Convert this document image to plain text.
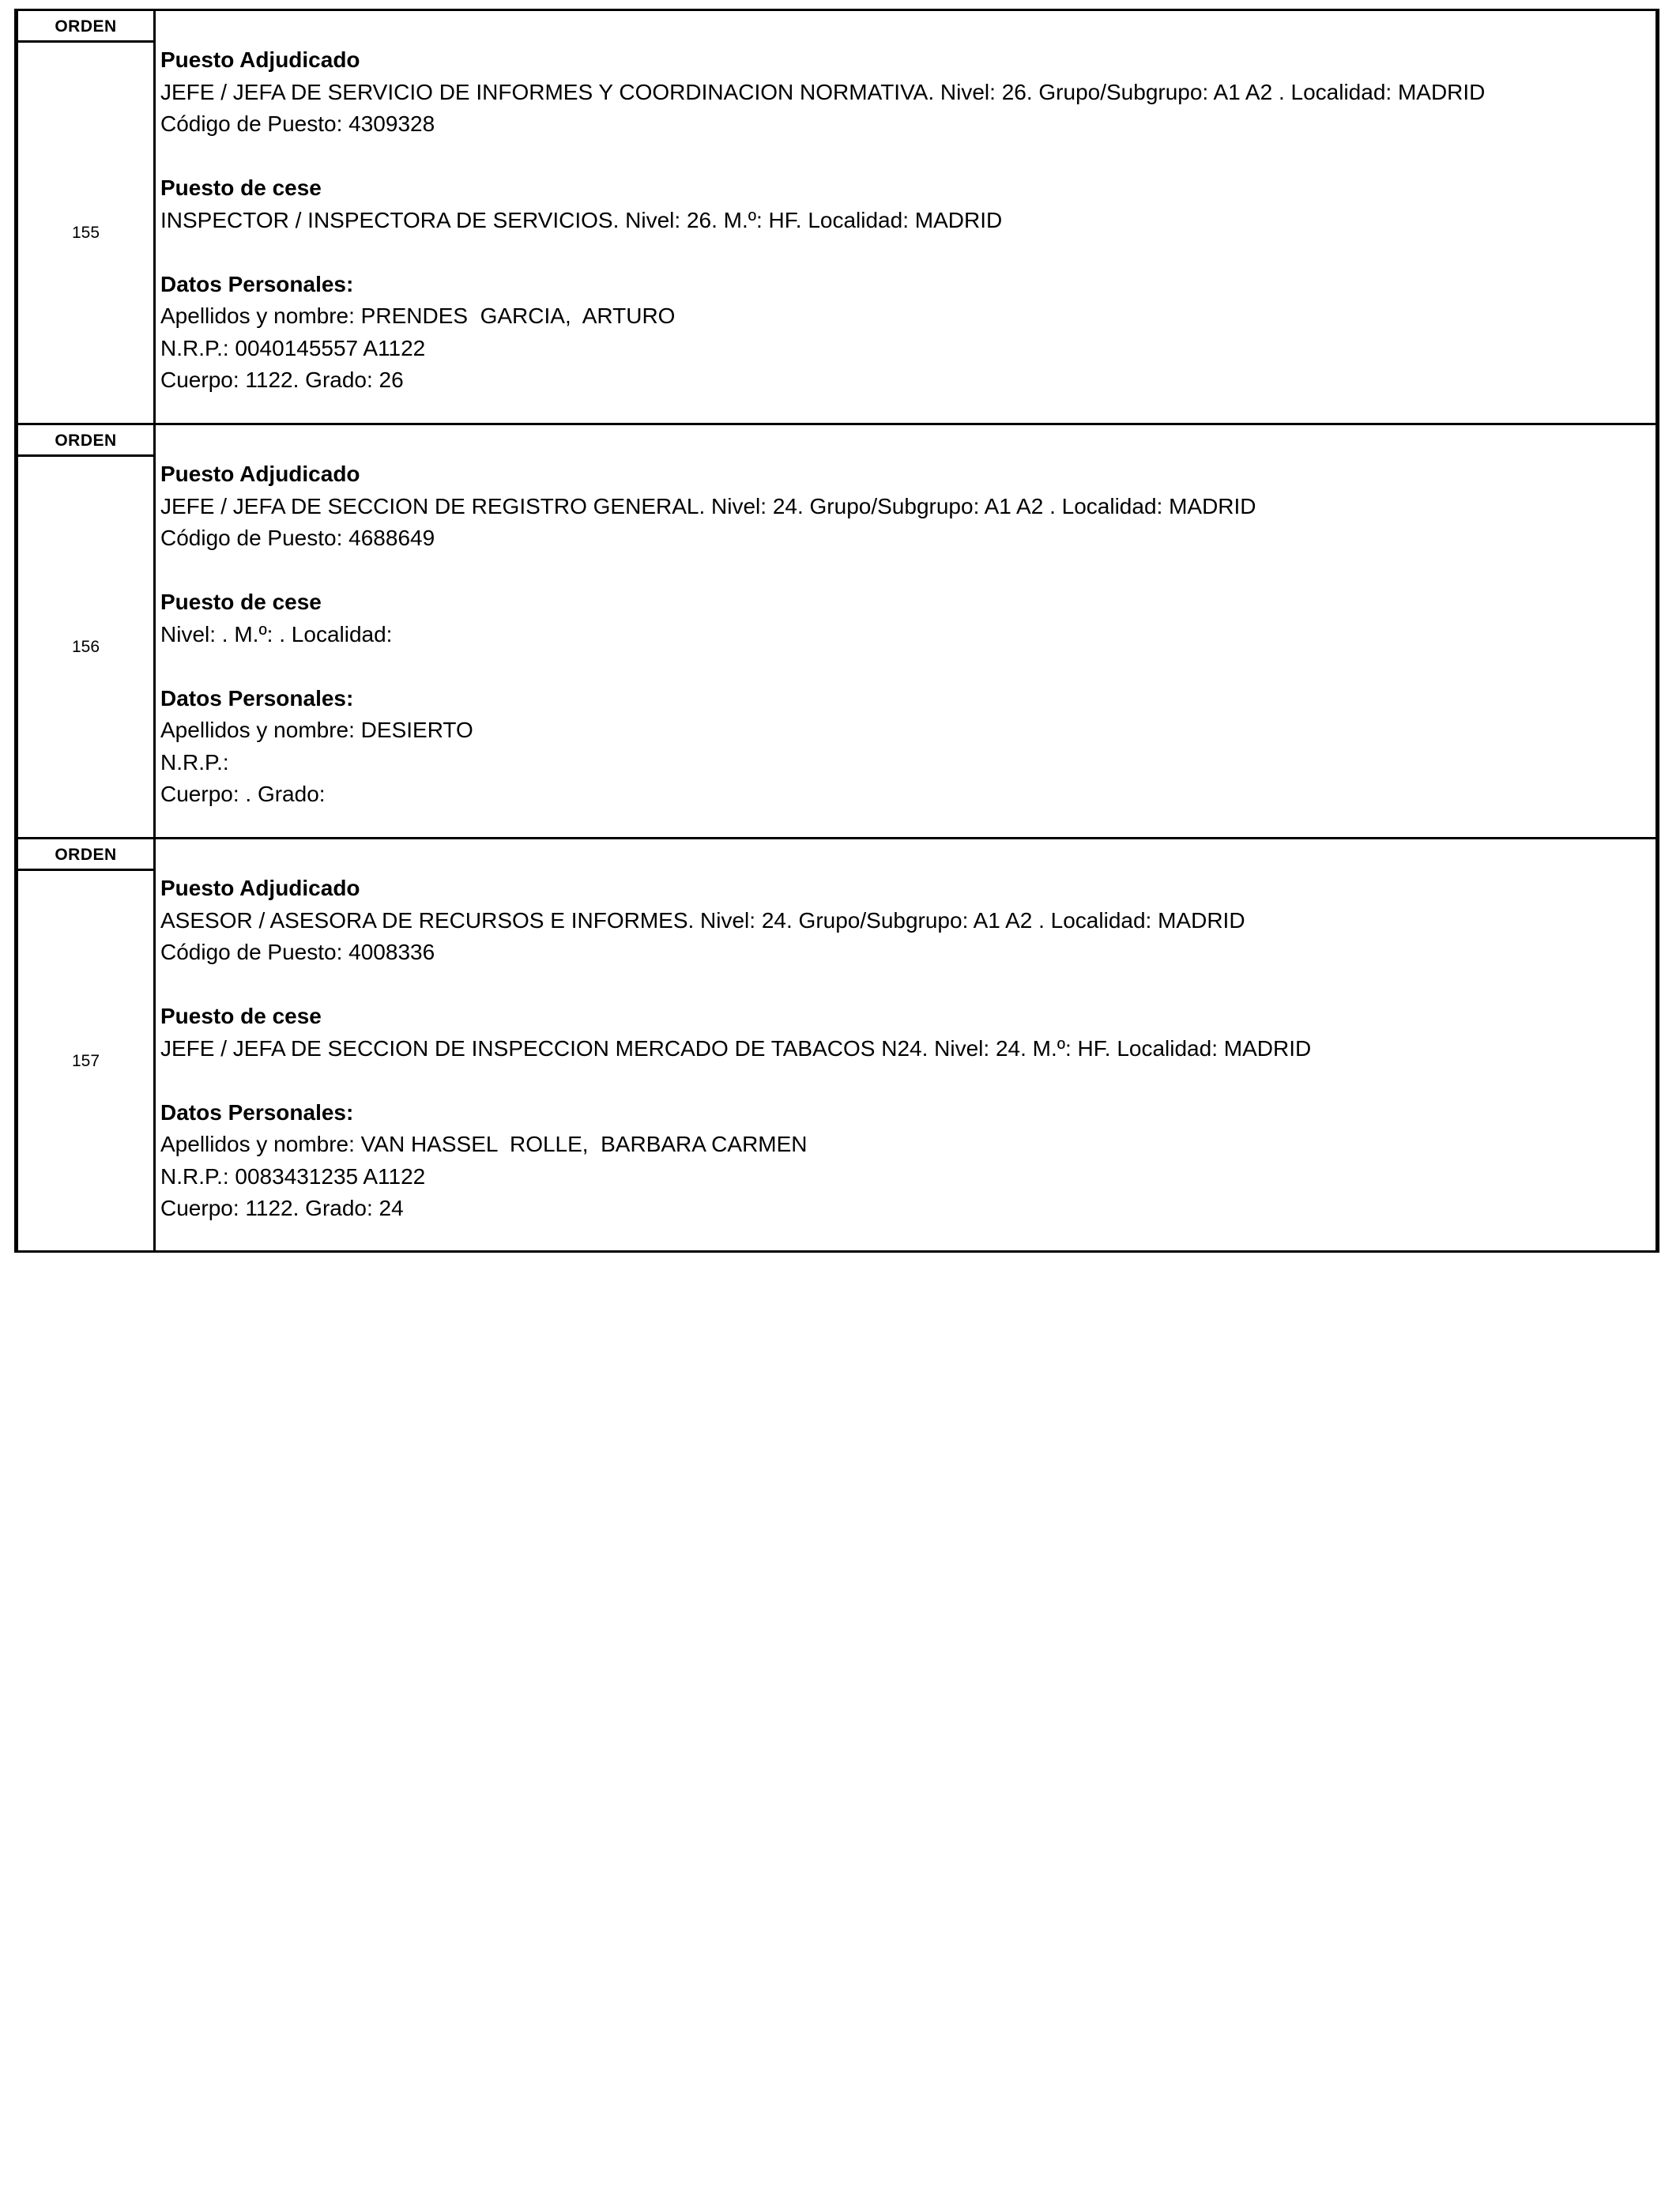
ORDEN
155
Puesto Adjudicado
JEFE / JEFA DE SERVICIO DE INFORMES Y COORDINACION NORMATIVA. Nivel: 26. Grupo/Subgrupo: A1 A2 . Localidad: MADRID
Código de Puesto: 4309328
Puesto de cese
INSPECTOR / INSPECTORA DE SERVICIOS. Nivel: 26. M.º: HF. Localidad: MADRID
Datos Personales:
Apellidos y nombre: PRENDES  GARCIA,  ARTURO
N.R.P.: 0040145557 A1122
Cuerpo: 1122. Grado: 26
ORDEN
156
Puesto Adjudicado
JEFE / JEFA DE SECCION DE REGISTRO GENERAL. Nivel: 24. Grupo/Subgrupo: A1 A2 . Localidad: MADRID
Código de Puesto: 4688649
Puesto de cese
Nivel: . M.º: . Localidad:
Datos Personales:
Apellidos y nombre: DESIERTO
N.R.P.:
Cuerpo: . Grado:
ORDEN
157
Puesto Adjudicado
ASESOR / ASESORA DE RECURSOS E INFORMES. Nivel: 24. Grupo/Subgrupo: A1 A2 . Localidad: MADRID
Código de Puesto: 4008336
Puesto de cese
JEFE / JEFA DE SECCION DE INSPECCION MERCADO DE TABACOS N24. Nivel: 24. M.º: HF. Localidad: MADRID
Datos Personales:
Apellidos y nombre: VAN HASSEL  ROLLE,  BARBARA CARMEN
N.R.P.: 0083431235 A1122
Cuerpo: 1122. Grado: 24
